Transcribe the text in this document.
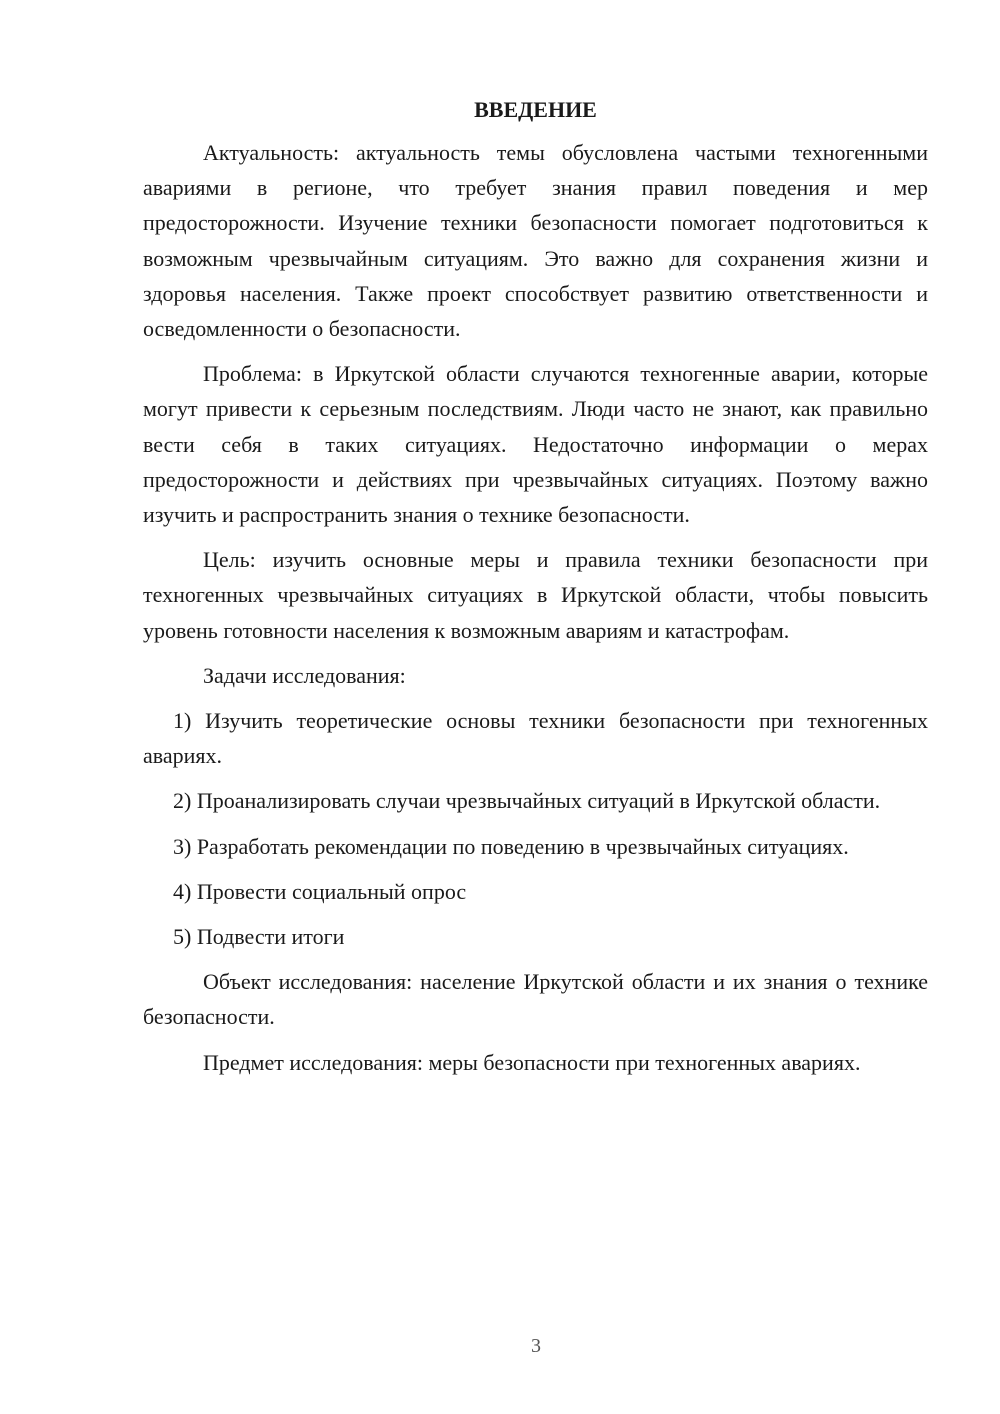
ВВЕДЕНИЕ

Актуальность: актуальность темы обусловлена частыми техногенными авариями в регионе, что требует знания правил поведения и мер предосторожности. Изучение техники безопасности помогает подготовиться к возможным чрезвычайным ситуациям. Это важно для сохранения жизни и здоровья населения. Также проект способствует развитию ответственности и осведомленности о безопасности.

Проблема: в Иркутской области случаются техногенные аварии, которые могут привести к серьезным последствиям. Люди часто не знают, как правильно вести себя в таких ситуациях. Недостаточно информации о мерах предосторожности и действиях при чрезвычайных ситуациях. Поэтому важно изучить и распространить знания о технике безопасности.

Цель: изучить основные меры и правила техники безопасности при техногенных чрезвычайных ситуациях в Иркутской области, чтобы повысить уровень готовности населения к возможным авариям и катастрофам.

Задачи исследования:

1) Изучить теоретические основы техники безопасности при техногенных авариях.

2) Проанализировать случаи чрезвычайных ситуаций в Иркутской области.

3) Разработать рекомендации по поведению в чрезвычайных ситуациях.

4) Провести социальный опрос

5) Подвести итоги

Объект исследования: население Иркутской области и их знания о технике безопасности.

Предмет исследования: меры безопасности при техногенных авариях.

3
